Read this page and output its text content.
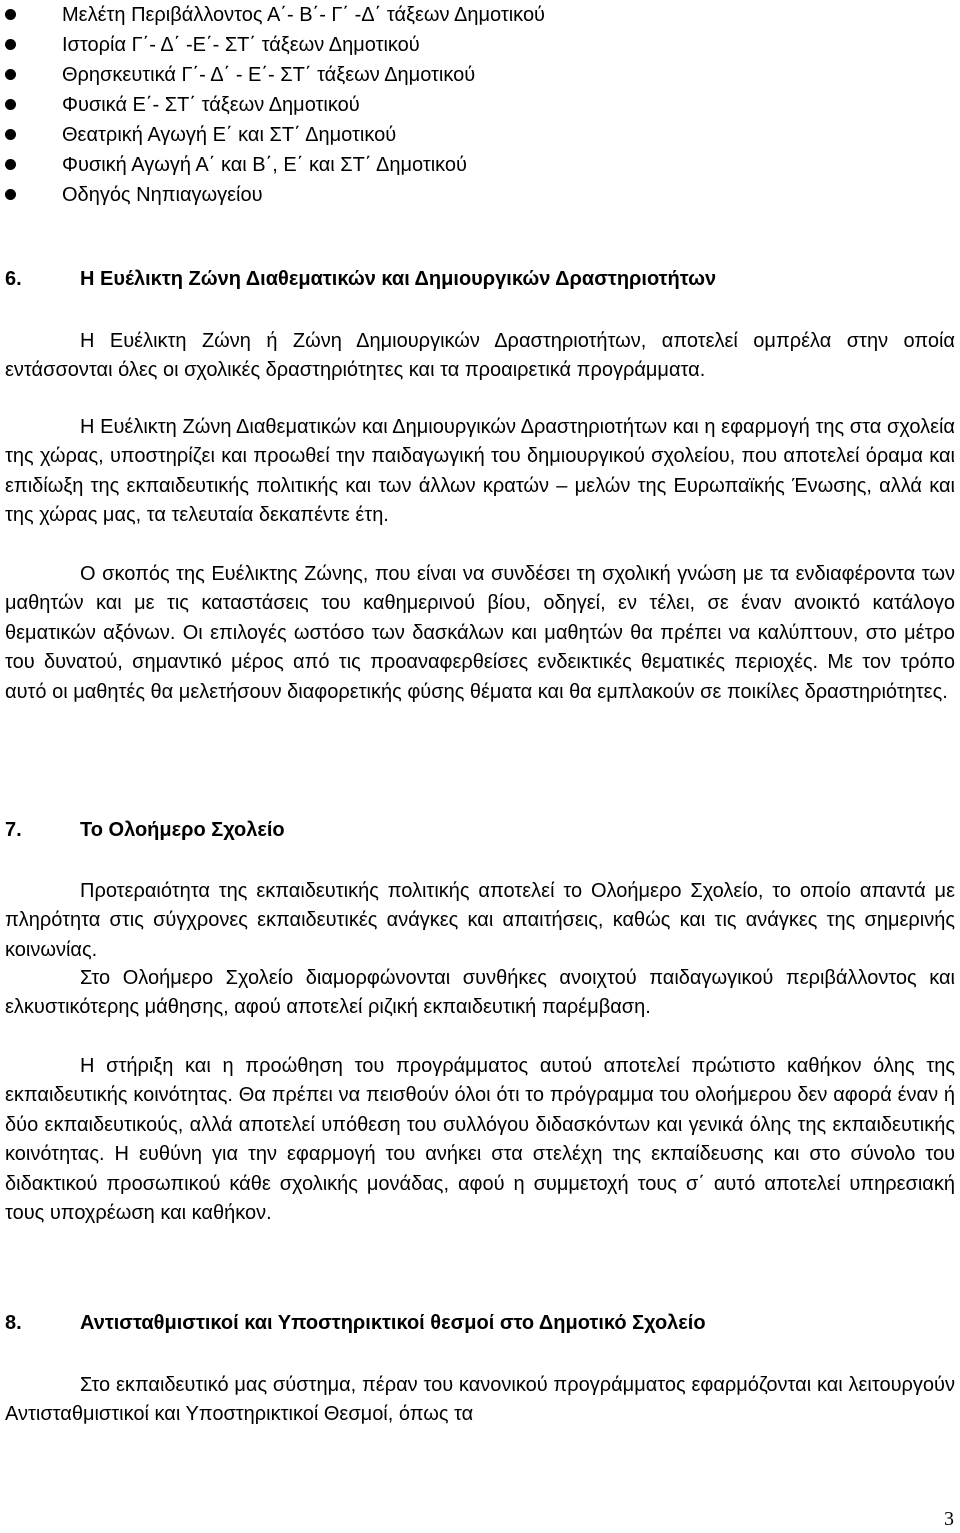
Μελέτη Περιβάλλοντος Α΄- Β΄- Γ΄ -Δ΄ τάξεων Δημοτικού
Ιστορία Γ΄- Δ΄ -Ε΄- ΣΤ΄ τάξεων Δημοτικού
Θρησκευτικά Γ΄- Δ΄ - Ε΄- ΣΤ΄ τάξεων Δημοτικού
Φυσικά Ε΄- ΣΤ΄ τάξεων Δημοτικού
Θεατρική Αγωγή Ε΄ και ΣΤ΄ Δημοτικού
Φυσική Αγωγή Α΄ και Β΄, Ε΄ και ΣΤ΄ Δημοτικού
Οδηγός Νηπιαγωγείου
6.	Η Ευέλικτη Ζώνη Διαθεματικών και Δημιουργικών Δραστηριοτήτων
Η Ευέλικτη Ζώνη ή Ζώνη Δημιουργικών Δραστηριοτήτων, αποτελεί ομπρέλα στην οποία εντάσσονται όλες οι σχολικές δραστηριότητες και τα προαιρετικά προγράμματα.
Η Ευέλικτη Ζώνη Διαθεματικών και Δημιουργικών Δραστηριοτήτων και η εφαρμογή της στα σχολεία της χώρας, υποστηρίζει και προωθεί την παιδαγωγική του δημιουργικού σχολείου, που αποτελεί όραμα και επιδίωξη της εκπαιδευτικής πολιτικής και των άλλων κρατών – μελών της Ευρωπαϊκής Ένωσης, αλλά και της χώρας μας, τα τελευταία δεκαπέντε έτη.
Ο σκοπός της Ευέλικτης Ζώνης, που είναι να συνδέσει τη σχολική γνώση με τα ενδιαφέροντα των μαθητών και με τις καταστάσεις του καθημερινού βίου, οδηγεί, εν τέλει, σε έναν ανοικτό κατάλογο θεματικών αξόνων. Οι επιλογές ωστόσο των δασκάλων και μαθητών θα πρέπει να καλύπτουν, στο μέτρο του δυνατού, σημαντικό μέρος από τις προαναφερθείσες ενδεικτικές θεματικές περιοχές. Με τον τρόπο αυτό οι μαθητές θα μελετήσουν διαφορετικής φύσης θέματα και θα εμπλακούν σε ποικίλες δραστηριότητες.
7.	Το Ολοήμερο Σχολείο
Προτεραιότητα της εκπαιδευτικής πολιτικής αποτελεί το Ολοήμερο Σχολείο, το οποίο απαντά με πληρότητα στις σύγχρονες εκπαιδευτικές ανάγκες και απαιτήσεις, καθώς και τις ανάγκες της σημερινής κοινωνίας.
Στο Ολοήμερο Σχολείο διαμορφώνονται συνθήκες ανοιχτού παιδαγωγικού περιβάλλοντος και ελκυστικότερης μάθησης, αφού αποτελεί ριζική εκπαιδευτική παρέμβαση.
Η στήριξη και η προώθηση του προγράμματος αυτού αποτελεί πρώτιστο καθήκον όλης της εκπαιδευτικής κοινότητας. Θα πρέπει να πεισθούν όλοι ότι το πρόγραμμα του ολοήμερου δεν αφορά έναν ή δύο εκπαιδευτικούς, αλλά αποτελεί υπόθεση του συλλόγου διδασκόντων και γενικά όλης της εκπαιδευτικής κοινότητας. Η ευθύνη για την εφαρμογή του ανήκει στα στελέχη της εκπαίδευσης και στο σύνολο του διδακτικού προσωπικού κάθε σχολικής μονάδας, αφού η συμμετοχή τους σ΄ αυτό αποτελεί υπηρεσιακή τους υποχρέωση και καθήκον.
8.	Αντισταθμιστικοί και Υποστηρικτικοί θεσμοί στο Δημοτικό Σχολείο
Στο εκπαιδευτικό μας σύστημα, πέραν του κανονικού προγράμματος εφαρμόζονται και λειτουργούν Αντισταθμιστικοί και Υποστηρικτικοί Θεσμοί, όπως τα
3
